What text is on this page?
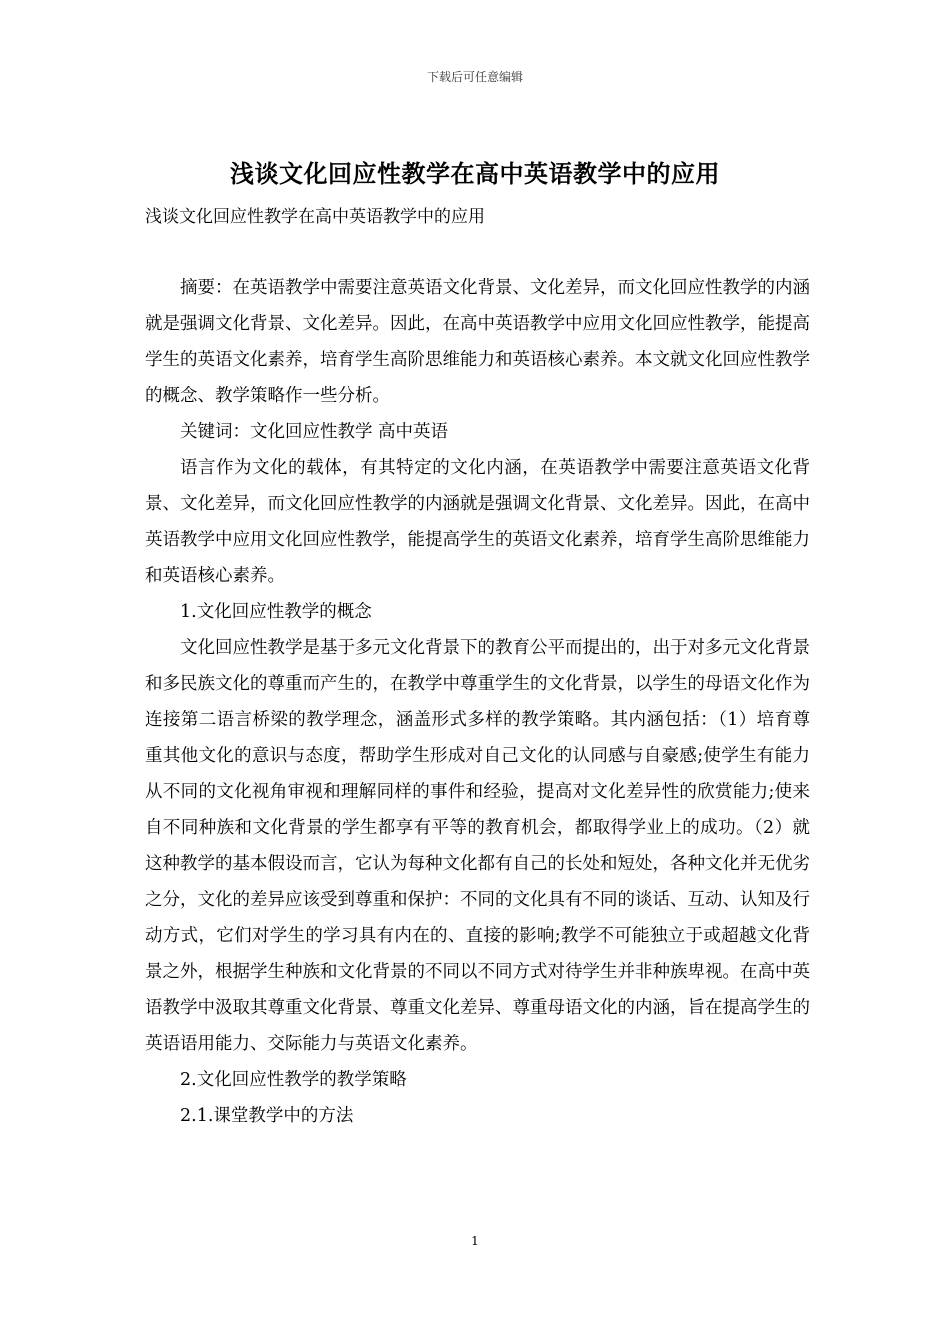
下载后可任意编辑
浅谈文化回应性教学在高中英语教学中的应用
浅谈文化回应性教学在高中英语教学中的应用

摘要：在英语教学中需要注意英语文化背景、文化差异，而文化回应性教学的内涵就是强调文化背景、文化差异。因此，在高中英语教学中应用文化回应性教学，能提高学生的英语文化素养，培育学生高阶思维能力和英语核心素养。本文就文化回应性教学的概念、教学策略作一些分析。

关键词：文化回应性教学 高中英语

语言作为文化的载体，有其特定的文化内涵，在英语教学中需要注意英语文化背景、文化差异，而文化回应性教学的内涵就是强调文化背景、文化差异。因此，在高中英语教学中应用文化回应性教学，能提高学生的英语文化素养，培育学生高阶思维能力和英语核心素养。

1.文化回应性教学的概念

文化回应性教学是基于多元文化背景下的教育公平而提出的，出于对多元文化背景和多民族文化的尊重而产生的，在教学中尊重学生的文化背景，以学生的母语文化作为连接第二语言桥梁的教学理念，涵盖形式多样的教学策略。其内涵包括：（1）培育尊重其他文化的意识与态度，帮助学生形成对自己文化的认同感与自豪感;使学生有能力从不同的文化视角审视和理解同样的事件和经验，提高对文化差异性的欣赏能力;使来自不同种族和文化背景的学生都享有平等的教育机会，都取得学业上的成功。（2）就这种教学的基本假设而言，它认为每种文化都有自己的长处和短处，各种文化并无优劣之分，文化的差异应该受到尊重和保护：不同的文化具有不同的谈话、互动、认知及行动方式，它们对学生的学习具有内在的、直接的影响;教学不可能独立于或超越文化背景之外，根据学生种族和文化背景的不同以不同方式对待学生并非种族卑视。在高中英语教学中汲取其尊重文化背景、尊重文化差异、尊重母语文化的内涵，旨在提高学生的英语语用能力、交际能力与英语文化素养。

2.文化回应性教学的教学策略

2.1.课堂教学中的方法

1
